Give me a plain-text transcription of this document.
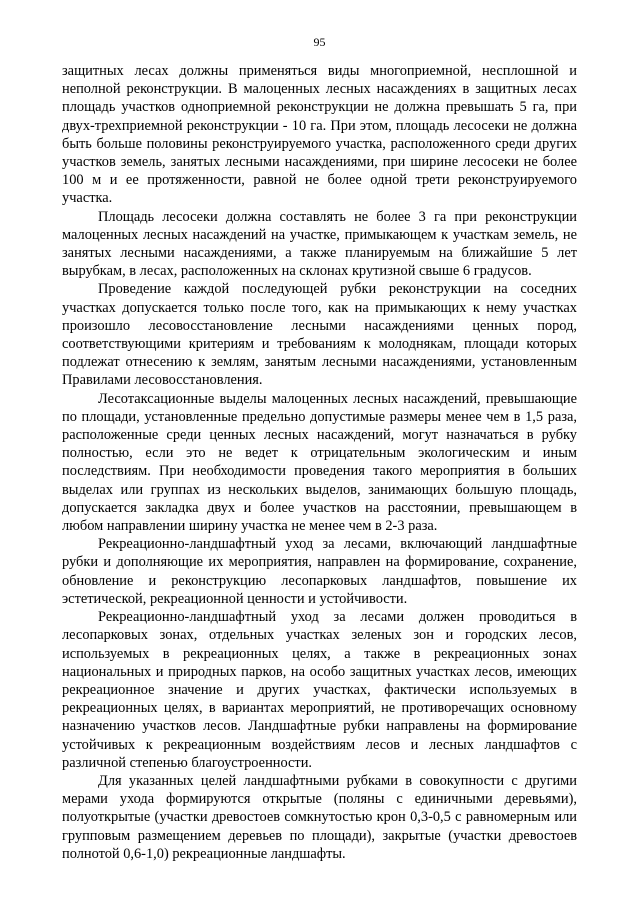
95

защитных лесах должны применяться виды многоприемной, несплошной и неполной реконструкции. В малоценных лесных насаждениях в защитных лесах площадь участков одноприемной реконструкции не должна превышать 5 га, при двух-трехприемной реконструкции - 10 га. При этом, площадь лесосеки не должна быть больше половины реконструируемого участка, расположенного среди других участков земель, занятых лесными насаждениями, при ширине лесосеки не более 100 м и ее протяженности, равной не более одной трети реконструируемого участка.

Площадь лесосеки должна составлять не более 3 га при реконструкции малоценных лесных насаждений на участке, примыкающем к участкам земель, не занятых лесными насаждениями, а также планируемым на ближайшие 5 лет вырубкам, в лесах, расположенных на склонах крутизной свыше 6 градусов.

Проведение каждой последующей рубки реконструкции на соседних участках допускается только после того, как на примыкающих к нему участках произошло лесовосстановление лесными насаждениями ценных пород, соответствующими критериям и требованиям к молоднякам, площади которых подлежат отнесению к землям, занятым лесными насаждениями, установленным Правилами лесовосстановления.

Лесотаксационные выделы малоценных лесных насаждений, превышающие по площади, установленные предельно допустимые размеры менее чем в 1,5 раза, расположенные среди ценных лесных насаждений, могут назначаться в рубку полностью, если это не ведет к отрицательным экологическим и иным последствиям. При необходимости проведения такого мероприятия в больших выделах или группах из нескольких выделов, занимающих большую площадь, допускается закладка двух и более участков на расстоянии, превышающем в любом направлении ширину участка не менее чем в 2-3 раза.

Рекреационно-ландшафтный уход за лесами, включающий ландшафтные рубки и дополняющие их мероприятия, направлен на формирование, сохранение, обновление и реконструкцию лесопарковых ландшафтов, повышение их эстетической, рекреационной ценности и устойчивости.

Рекреационно-ландшафтный уход за лесами должен проводиться в лесопарковых зонах, отдельных участках зеленых зон и городских лесов, используемых в рекреационных целях, а также в рекреационных зонах национальных и природных парков, на особо защитных участках лесов, имеющих рекреационное значение и других участках, фактически используемых в рекреационных целях, в вариантах мероприятий, не противоречащих основному назначению участков лесов. Ландшафтные рубки направлены на формирование устойчивых к рекреационным воздействиям лесов и лесных ландшафтов с различной степенью благоустроенности.

Для указанных целей ландшафтными рубками в совокупности с другими мерами ухода формируются открытые (поляны с единичными деревьями), полуоткрытые (участки древостоев сомкнутостью крон 0,3-0,5 с равномерным или групповым размещением деревьев по площади), закрытые (участки древостоев полнотой 0,6-1,0) рекреационные ландшафты.
